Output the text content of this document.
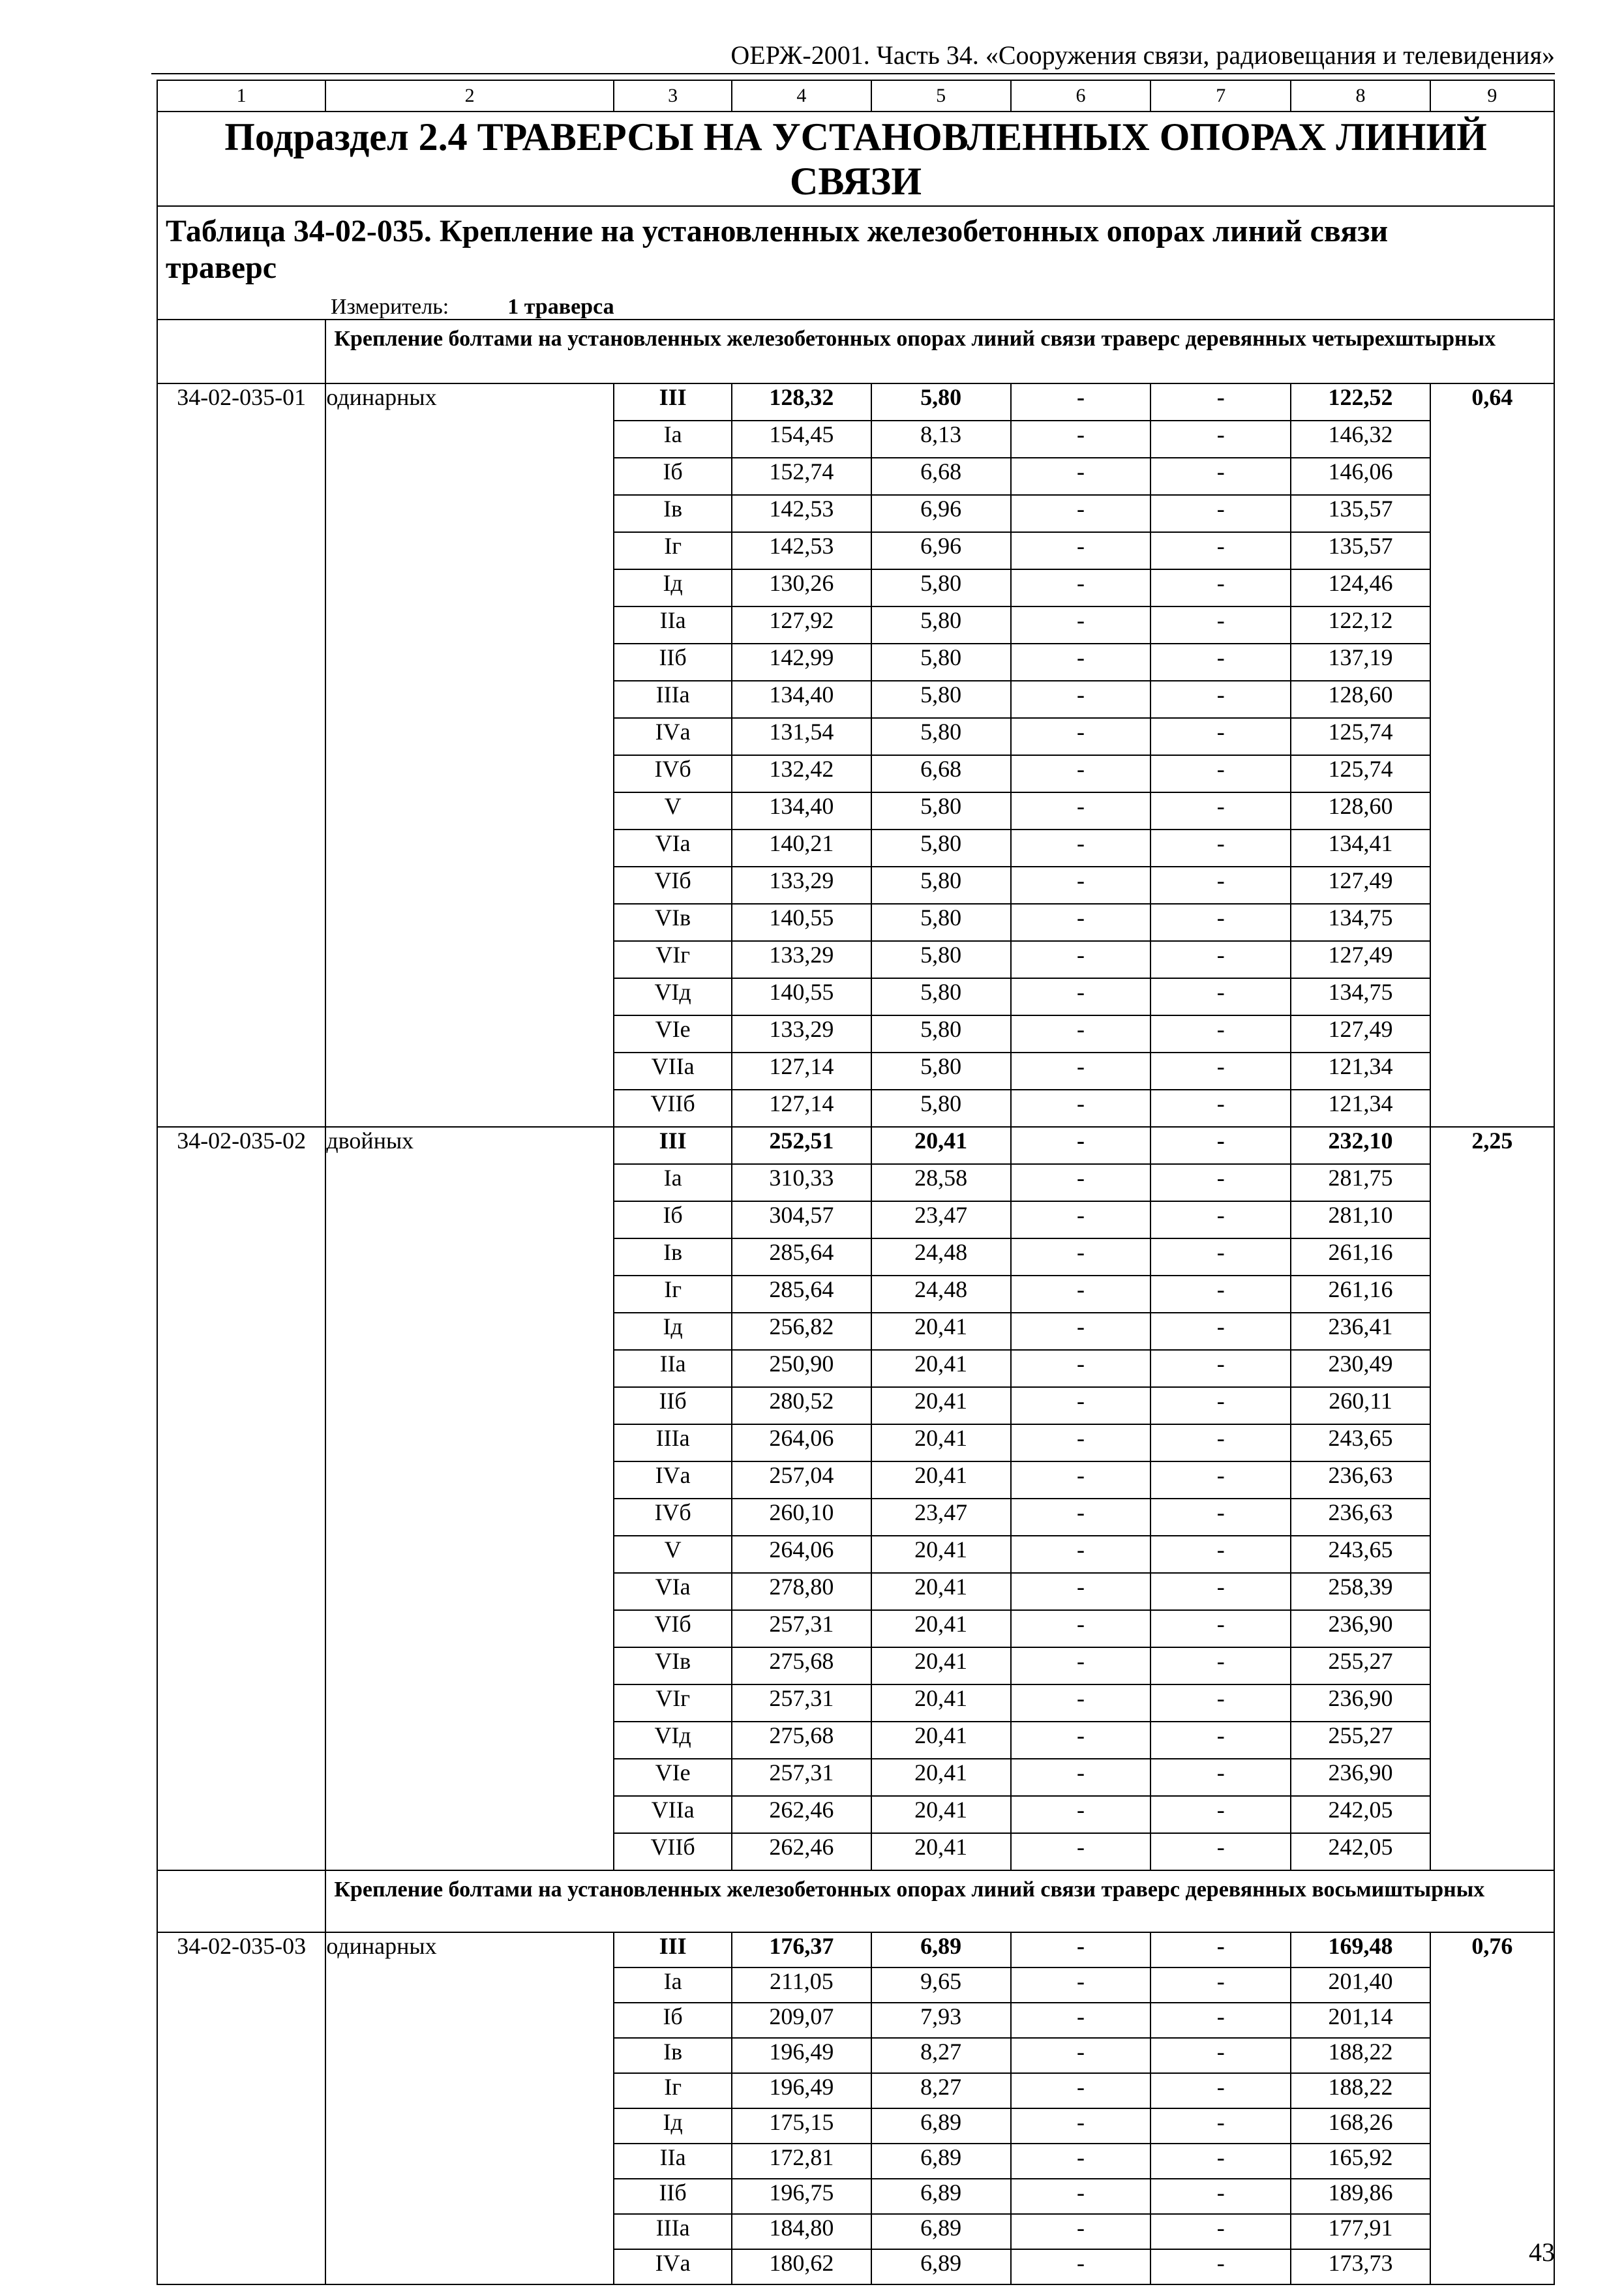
ОЕРЖ-2001. Часть 34. «Сооружения связи, радиовещания и телевидения»
1	2	3	4	5	6	7	8	9
Подраздел 2.4 ТРАВЕРСЫ НА УСТАНОВЛЕННЫХ ОПОРАХ ЛИНИЙ СВЯЗИ								

Таблица 34-02-035. Крепление на установленных железобетонных опорах линий связи траверс
Измеритель: 1 траверса								

	Крепление болтами на установленных железобетонных опорах линий связи траверс деревянных четырехштырных							

34-02-035-01	одинарных	III	128,32	5,80	-	-	122,52	0,64
		Iа	154,45	8,13	-	-	146,32	
		Iб	152,74	6,68	-	-	146,06	
		Iв	142,53	6,96	-	-	135,57	
		Iг	142,53	6,96	-	-	135,57	
		Iд	130,26	5,80	-	-	124,46	
		IIа	127,92	5,80	-	-	122,12	
		IIб	142,99	5,80	-	-	137,19	
		IIIа	134,40	5,80	-	-	128,60	
		IVа	131,54	5,80	-	-	125,74	
		IVб	132,42	6,68	-	-	125,74	
		V	134,40	5,80	-	-	128,60	
		VIа	140,21	5,80	-	-	134,41	
		VIб	133,29	5,80	-	-	127,49	
		VIв	140,55	5,80	-	-	134,75	
		VIг	133,29	5,80	-	-	127,49	
		VIд	140,55	5,80	-	-	134,75	
		VIе	133,29	5,80	-	-	127,49	
		VIIа	127,14	5,80	-	-	121,34	
		VIIб	127,14	5,80	-	-	121,34	
34-02-035-02	двойных	III	252,51	20,41	-	-	232,10	2,25
		Iа	310,33	28,58	-	-	281,75	
		Iб	304,57	23,47	-	-	281,10	
		Iв	285,64	24,48	-	-	261,16	
		Iг	285,64	24,48	-	-	261,16	
		Iд	256,82	20,41	-	-	236,41	
		IIа	250,90	20,41	-	-	230,49	
		IIб	280,52	20,41	-	-	260,11	
		IIIа	264,06	20,41	-	-	243,65	
		IVа	257,04	20,41	-	-	236,63	
		IVб	260,10	23,47	-	-	236,63	
		V	264,06	20,41	-	-	243,65	
		VIа	278,80	20,41	-	-	258,39	
		VIб	257,31	20,41	-	-	236,90	
		VIв	275,68	20,41	-	-	255,27	
		VIг	257,31	20,41	-	-	236,90	
		VIд	275,68	20,41	-	-	255,27	
		VIе	257,31	20,41	-	-	236,90	
		VIIа	262,46	20,41	-	-	242,05	
		VIIб	262,46	20,41	-	-	242,05	

	Крепление болтами на установленных железобетонных опорах линий связи траверс деревянных восьмиштырных							

34-02-035-03	одинарных	III	176,37	6,89	-	-	169,48	0,76
		Iа	211,05	9,65	-	-	201,40	
		Iб	209,07	7,93	-	-	201,14	
		Iв	196,49	8,27	-	-	188,22	
		Iг	196,49	8,27	-	-	188,22	
		Iд	175,15	6,89	-	-	168,26	
		IIа	172,81	6,89	-	-	165,92	
		IIб	196,75	6,89	-	-	189,86	
		IIIа	184,80	6,89	-	-	177,91	
		IVа	180,62	6,89	-	-	173,73		43
